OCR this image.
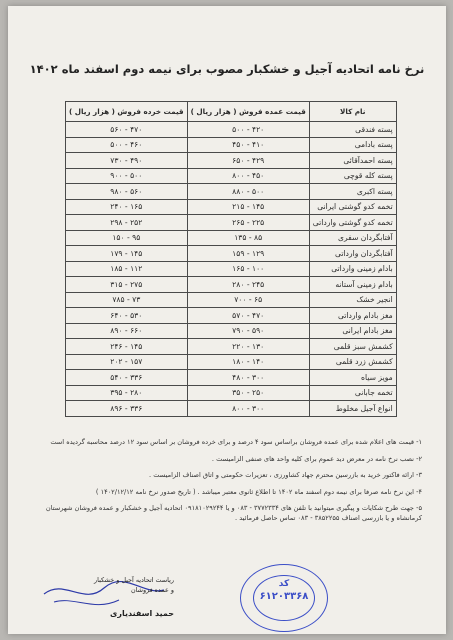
نرخ نامه اتحادیه آجیل و خشکبار مصوب برای نیمه دوم اسفند ماه ۱۴۰۲
نام کالا	قیمت عمده فروش ( هزار ریال )	قیمت خرده فروش ( هزار ریال )
پسته فندقی	۴۲۰ - ۵۰۰	۴۷۰ - ۵۶۰
پسته بادامی	۴۱۰ - ۴۵۰	۴۶۰ - ۵۰۰
پسته احمدآقائی	۴۲۹ - ۶۵۰	۴۹۰ - ۷۳۰
پسته کله قوچی	۴۵۰ - ۸۰۰	۵۰۰ - ۹۰۰
پسته اکبری	۵۰۰ - ۸۸۰	۵۶۰ - ۹۸۰
تخمه کدو گوشتی ایرانی	۱۴۵ - ۲۱۵	۱۶۵ - ۲۴۰
تخمه کدو گوشتی وارداتی	۲۲۵ - ۲۶۵	۲۵۲ - ۲۹۸
آفتابگردان سفری	۸۵ - ۱۳۵	۹۵ - ۱۵۰
آفتابگردان وارداتی	۱۲۹ - ۱۵۹	۱۴۵ - ۱۷۹
بادام زمینی وارداتی	۱۰۰ - ۱۶۵	۱۱۲ - ۱۸۵
بادام زمینی آستانه	۲۴۵ - ۲۸۰	۲۷۵ - ۳۱۵
انجیر خشک	۶۵ - ۷۰۰	۷۳ - ۷۸۵
مغز بادام وارداتی	۴۷۰ - ۵۷۰	۵۳۰ - ۶۴۰
مغز بادام ایرانی	۵۹۰ - ۷۹۰	۶۶۰ - ۸۹۰
کشمش سبز قلمی	۱۳۰ - ۲۲۰	۱۴۵ - ۲۴۶
کشمش زرد قلمی	۱۴۰ - ۱۸۰	۱۵۷ - ۲۰۲
مویز سیاه	۳۰۰ - ۴۸۰	۳۳۶ - ۵۴۰
تخمه جابانی	۲۵۰ - ۳۵۰	۲۸۰ - ۳۹۵
انواع آجیل مخلوط	۳۰۰ - ۸۰۰	۳۳۶ - ۸۹۶

۱- قیمت های اعلام شده برای عمده فروشان براساس سود ۴ درصد و برای خرده فروشان بر اساس سود ۱۲ درصد محاسبه گردیده است

۲- نصب نرخ نامه در معرض دید عموم برای کلیه واحد های صنفی الزامیست .

۳- ارائه فاکتور خرید به بازرسین محترم جهاد کشاورزی ، تعزیرات حکومتی و اتاق اصناف الزامیست .

۴- این نرخ نامه صرفا برای نیمه دوم اسفند ماه ۱۴۰۲ تا اطلاع ثانوی معتبر میباشد . ( تاریخ صدور نرخ نامه ۱۴۰۲/۱۲/۱۲ )

۵- جهت طرح شکایات و پیگیری میتوانید با تلفن های ۳۷۷۲۳۳۴ - ۰۸۳ و یا ۰۹۱۸۱۰۲۹۲۴۴ اتحادیه آجیل و خشکبار و عمده فروشان شهرستان کرمانشاه و یا بازرسی اصناف ۳۸۵۲۲۵۵ - ۰۸۳ تماس حاصل فرمائید .

ریاست اتحادیه آجیل و خشکبار
و عمده فروشان
حمید اسفندیاری
کد
۶۱۲۰۳۳۶۸
